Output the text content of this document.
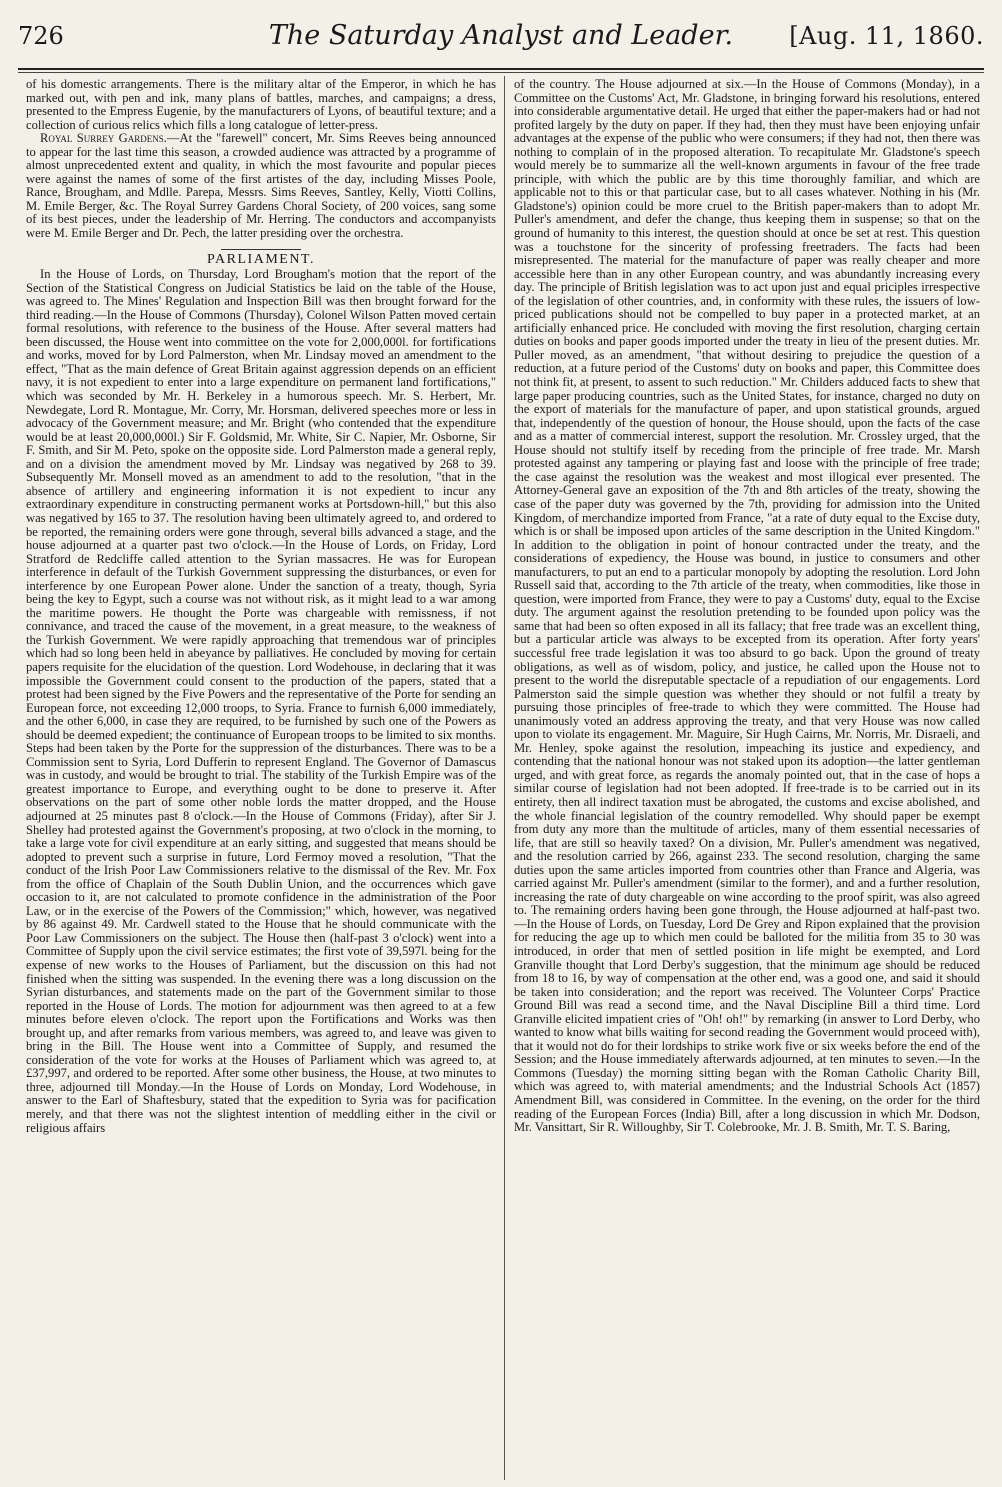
726	The Saturday Analyst and Leader.	[Aug. 11, 1860.

of his domestic arrangements. There is the military altar of the Emperor, in which he has marked out, with pen and ink, many plans of battles, marches, and campaigns; a dress, presented to the Empress Eugenie, by the manufacturers of Lyons, of beautiful texture; and a collection of curious relics which fills a long catalogue of letter-press.

Royal Surrey Gardens.—At the "farewell" concert, Mr. Sims Reeves being announced to appear for the last time this season, a crowded audience was attracted by a programme of almost unprecedented extent and quality, in which the most favourite and popular pieces were against the names of some of the first artistes of the day, including Misses Poole, Rance, Brougham, and Mdlle. Parepa, Messrs. Sims Reeves, Santley, Kelly, Viotti Collins, M. Emile Berger, &c. The Royal Surrey Gardens Choral Society, of 200 voices, sang some of its best pieces, under the leadership of Mr. Herring. The conductors and accompanyists were M. Emile Berger and Dr. Pech, the latter presiding over the orchestra.

PARLIAMENT.

In the House of Lords, on Thursday, Lord Brougham's motion that the report of the Section of the Statistical Congress on Judicial Statistics be laid on the table of the House, was agreed to. The Mines' Regulation and Inspection Bill was then brought forward for the third reading.—In the House of Commons (Thursday), Colonel Wilson Patten moved certain formal resolutions, with reference to the business of the House. After several matters had been discussed, the House went into committee on the vote for 2,000,000l. for fortifications and works, moved for by Lord Palmerston, when Mr. Lindsay moved an amendment to the effect, "That as the main defence of Great Britain against aggression depends on an efficient navy, it is not expedient to enter into a large expenditure on permanent land fortifications," which was seconded by Mr. H. Berkeley in a humorous speech. Mr. S. Herbert, Mr. Newdegate, Lord R. Montague, Mr. Corry, Mr. Horsman, delivered speeches more or less in advocacy of the Government measure; and Mr. Bright (who contended that the expenditure would be at least 20,000,000l.) Sir F. Goldsmid, Mr. White, Sir C. Napier, Mr. Osborne, Sir F. Smith, and Sir M. Peto, spoke on the opposite side. Lord Palmerston made a general reply, and on a division the amendment moved by Mr. Lindsay was negatived by 268 to 39. Subsequently Mr. Monsell moved as an amendment to add to the resolution, "that in the absence of artillery and engineering information it is not expedient to incur any extraordinary expenditure in constructing permanent works at Portsdown-hill," but this also was negatived by 165 to 37. The resolution having been ultimately agreed to, and ordered to be reported, the remaining orders were gone through, several bills advanced a stage, and the house adjourned at a quarter past two o'clock.—In the House of Lords, on Friday, Lord Stratford de Redcliffe called attention to the Syrian massacres. He was for European interference in default of the Turkish Government suppressing the disturbances, or even for interference by one European Power alone. Under the sanction of a treaty, though, Syria being the key to Egypt, such a course was not without risk, as it might lead to a war among the maritime powers. He thought the Porte was chargeable with remissness, if not connivance, and traced the cause of the movement, in a great measure, to the weakness of the Turkish Government. We were rapidly approaching that tremendous war of principles which had so long been held in abeyance by palliatives. He concluded by moving for certain papers requisite for the elucidation of the question. Lord Wodehouse, in declaring that it was impossible the Government could consent to the production of the papers, stated that a protest had been signed by the Five Powers and the representative of the Porte for sending an European force, not exceeding 12,000 troops, to Syria. France to furnish 6,000 immediately, and the other 6,000, in case they are required, to be furnished by such one of the Powers as should be deemed expedient; the continuance of European troops to be limited to six months. Steps had been taken by the Porte for the suppression of the disturbances. There was to be a Commission sent to Syria, Lord Dufferin to represent England. The Governor of Damascus was in custody, and would be brought to trial. The stability of the Turkish Empire was of the greatest importance to Europe, and everything ought to be done to preserve it. After observations on the part of some other noble lords the matter dropped, and the House adjourned at 25 minutes past 8 o'clock.—In the House of Commons (Friday), after Sir J. Shelley had protested against the Government's proposing, at two o'clock in the morning, to take a large vote for civil expenditure at an early sitting, and suggested that means should be adopted to prevent such a surprise in future, Lord Fermoy moved a resolution, "That the conduct of the Irish Poor Law Commissioners relative to the dismissal of the Rev. Mr. Fox from the office of Chaplain of the South Dublin Union, and the occurrences which gave occasion to it, are not calculated to promote confidence in the administration of the Poor Law, or in the exercise of the Powers of the Commission;" which, however, was negatived by 86 against 49. Mr. Cardwell stated to the House that he should communicate with the Poor Law Commissioners on the subject. The House then (half-past 3 o'clock) went into a Committee of Supply upon the civil service estimates; the first vote of 39,597l. being for the expense of new works to the Houses of Parliament, but the discussion on this had not finished when the sitting was suspended. In the evening there was a long discussion on the Syrian disturbances, and statements made on the part of the Government similar to those reported in the House of Lords. The motion for adjournment was then agreed to at a few minutes before eleven o'clock. The report upon the Fortifications and Works was then brought up, and after remarks from various members, was agreed to, and leave was given to bring in the Bill. The House went into a Committee of Supply, and resumed the consideration of the vote for works at the Houses of Parliament which was agreed to, at £37,997, and ordered to be reported. After some other business, the House, at two minutes to three, adjourned till Monday.—In the House of Lords on Monday, Lord Wodehouse, in answer to the Earl of Shaftesbury, stated that the expedition to Syria was for pacification merely, and that there was not the slightest intention of meddling either in the civil or religious affairs

of the country. The House adjourned at six.—In the House of Commons (Monday), in a Committee on the Customs' Act, Mr. Gladstone, in bringing forward his resolutions, entered into considerable argumentative detail. He urged that either the paper-makers had or had not profited largely by the duty on paper. If they had, then they must have been enjoying unfair advantages at the expense of the public who were consumers; if they had not, then there was nothing to complain of in the proposed alteration. To recapitulate Mr. Gladstone's speech would merely be to summarize all the well-known arguments in favour of the free trade principle, with which the public are by this time thoroughly familiar, and which are applicable not to this or that particular case, but to all cases whatever. Nothing in his (Mr. Gladstone's) opinion could be more cruel to the British paper-makers than to adopt Mr. Puller's amendment, and defer the change, thus keeping them in suspense; so that on the ground of humanity to this interest, the question should at once be set at rest. This question was a touchstone for the sincerity of professing freetraders. The facts had been misrepresented. The material for the manufacture of paper was really cheaper and more accessible here than in any other European country, and was abundantly increasing every day. The principle of British legislation was to act upon just and equal priciples irrespective of the legislation of other countries, and, in conformity with these rules, the issuers of low-priced publications should not be compelled to buy paper in a protected market, at an artificially enhanced price. He concluded with moving the first resolution, charging certain duties on books and paper goods imported under the treaty in lieu of the present duties. Mr. Puller moved, as an amendment, "that without desiring to prejudice the question of a reduction, at a future period of the Customs' duty on books and paper, this Committee does not think fit, at present, to assent to such reduction." Mr. Childers adduced facts to shew that large paper producing countries, such as the United States, for instance, charged no duty on the export of materials for the manufacture of paper, and upon statistical grounds, argued that, independently of the question of honour, the House should, upon the facts of the case and as a matter of commercial interest, support the resolution. Mr. Crossley urged, that the House should not stultify itself by receding from the principle of free trade. Mr. Marsh protested against any tampering or playing fast and loose with the principle of free trade; the case against the resolution was the weakest and most illogical ever presented. The Attorney-General gave an exposition of the 7th and 8th articles of the treaty, showing the case of the paper duty was governed by the 7th, providing for admission into the United Kingdom, of merchandize imported from France, "at a rate of duty equal to the Excise duty, which is or shall be imposed upon articles of the same description in the United Kingdom." In addition to the obligation in point of honour contracted under the treaty, and the considerations of expediency, the House was bound, in justice to consumers and other manufacturers, to put an end to a particular monopoly by adopting the resolution. Lord John Russell said that, according to the 7th article of the treaty, when commodities, like those in question, were imported from France, they were to pay a Customs' duty, equal to the Excise duty. The argument against the resolution pretending to be founded upon policy was the same that had been so often exposed in all its fallacy; that free trade was an excellent thing, but a particular article was always to be excepted from its operation. After forty years' successful free trade legislation it was too absurd to go back. Upon the ground of treaty obligations, as well as of wisdom, policy, and justice, he called upon the House not to present to the world the disreputable spectacle of a repudiation of our engagements. Lord Palmerston said the simple question was whether they should or not fulfil a treaty by pursuing those principles of free-trade to which they were committed. The House had unanimously voted an address approving the treaty, and that very House was now called upon to violate its engagement. Mr. Maguire, Sir Hugh Cairns, Mr. Norris, Mr. Disraeli, and Mr. Henley, spoke against the resolution, impeaching its justice and expediency, and contending that the national honour was not staked upon its adoption—the latter gentleman urged, and with great force, as regards the anomaly pointed out, that in the case of hops a similar course of legislation had not been adopted. If free-trade is to be carried out in its entirety, then all indirect taxation must be abrogated, the customs and excise abolished, and the whole financial legislation of the country remodelled. Why should paper be exempt from duty any more than the multitude of articles, many of them essential necessaries of life, that are still so heavily taxed? On a division, Mr. Puller's amendment was negatived, and the resolution carried by 266, against 233. The second resolution, charging the same duties upon the same articles imported from countries other than France and Algeria, was carried against Mr. Puller's amendment (similar to the former), and and a further resolution, increasing the rate of duty chargeable on wine according to the proof spirit, was also agreed to. The remaining orders having been gone through, the House adjourned at half-past two.—In the House of Lords, on Tuesday, Lord De Grey and Ripon explained that the provision for reducing the age up to which men could be balloted for the militia from 35 to 30 was introduced, in order that men of settled position in life might be exempted, and Lord Granville thought that Lord Derby's suggestion, that the minimum age should be reduced from 18 to 16, by way of compensation at the other end, was a good one, and said it should be taken into consideration; and the report was received. The Volunteer Corps' Practice Ground Bill was read a second time, and the Naval Discipline Bill a third time. Lord Granville elicited impatient cries of "Oh! oh!" by remarking (in answer to Lord Derby, who wanted to know what bills waiting for second reading the Government would proceed with), that it would not do for their lordships to strike work five or six weeks before the end of the Session; and the House immediately afterwards adjourned, at ten minutes to seven.—In the Commons (Tuesday) the morning sitting began with the Roman Catholic Charity Bill, which was agreed to, with material amendments; and the Industrial Schools Act (1857) Amendment Bill, was considered in Committee. In the evening, on the order for the third reading of the European Forces (India) Bill, after a long discussion in which Mr. Dodson, Mr. Vansittart, Sir R. Willoughby, Sir T. Colebrooke, Mr. J. B. Smith, Mr. T. S. Baring,
